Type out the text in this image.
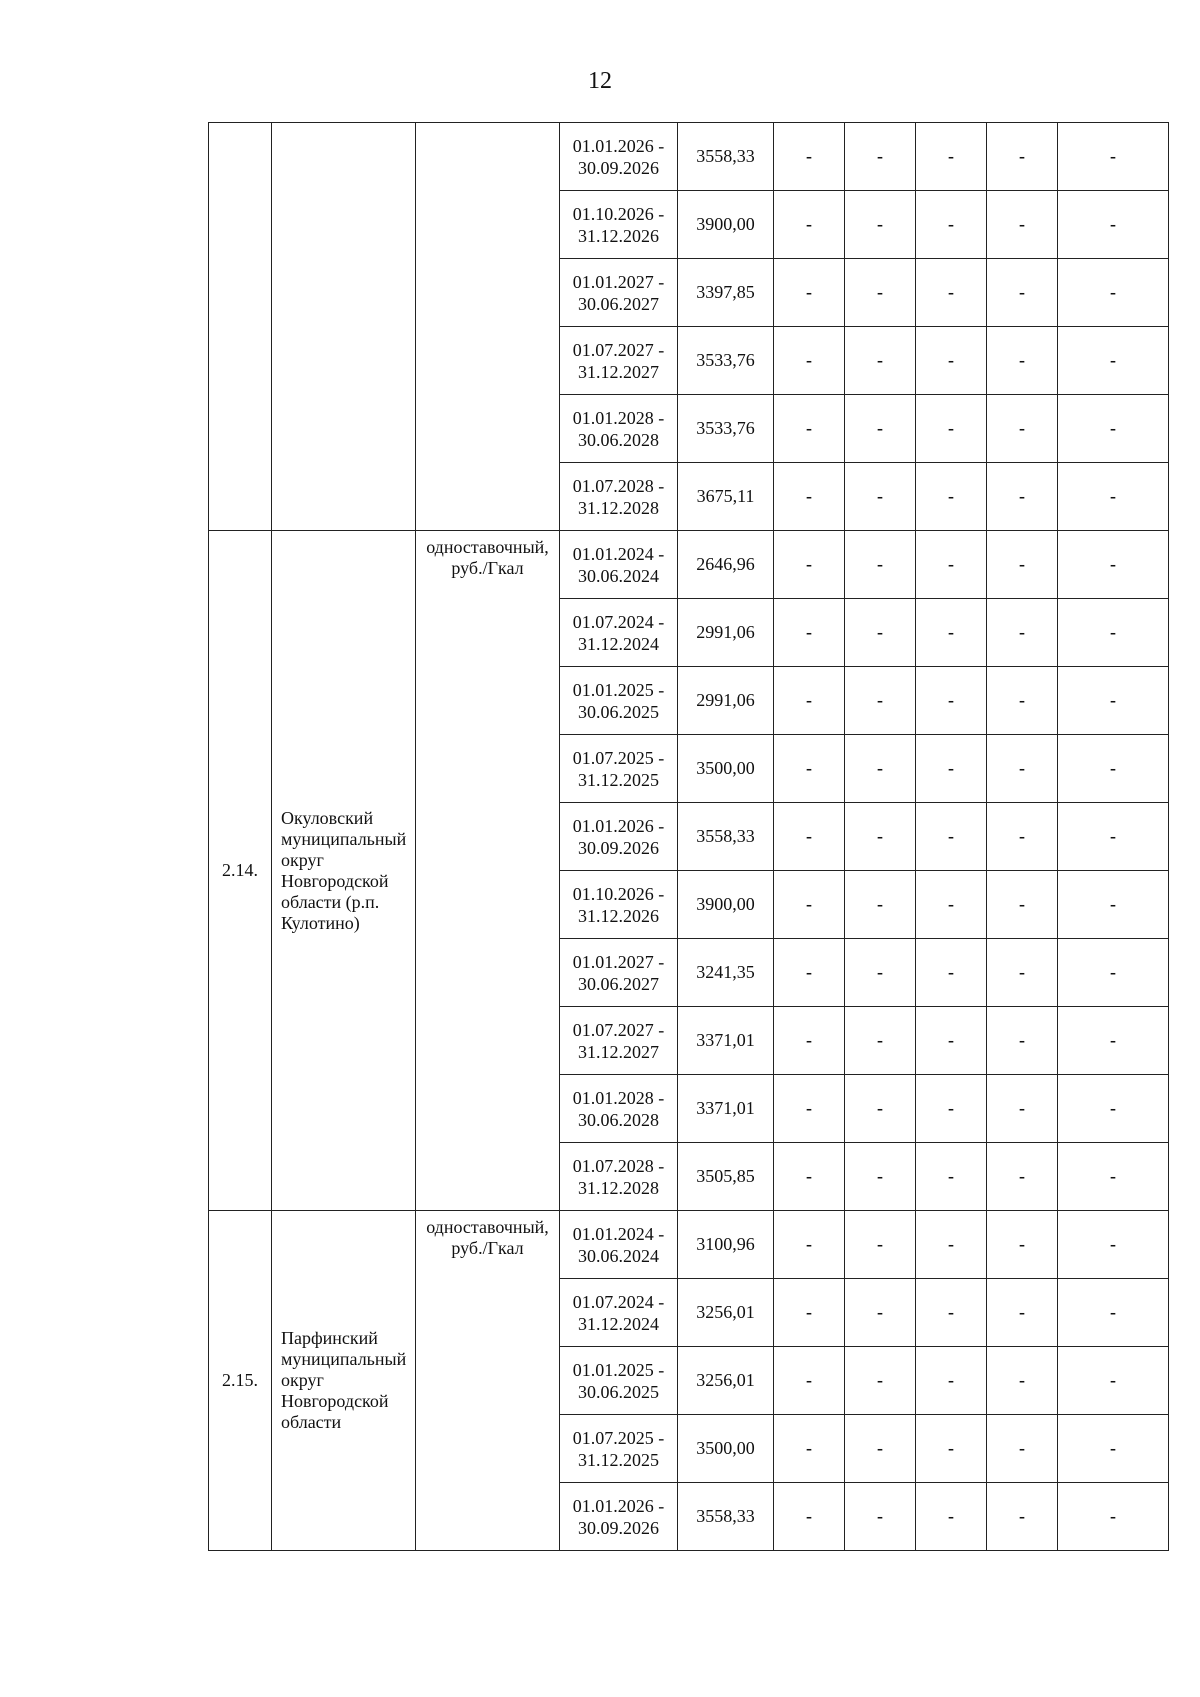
12
			01.01.2026 - 30.09.2026	3558,33	-	-	-	-	-
			01.10.2026 - 31.12.2026	3900,00	-	-	-	-	-
			01.01.2027 - 30.06.2027	3397,85	-	-	-	-	-
			01.07.2027 - 31.12.2027	3533,76	-	-	-	-	-
			01.01.2028 - 30.06.2028	3533,76	-	-	-	-	-
			01.07.2028 - 31.12.2028	3675,11	-	-	-	-	-
2.14.	Окуловский муниципальный округ Новгородской области (р.п. Кулотино)	одноставочный, руб./Гкал	01.01.2024 - 30.06.2024	2646,96	-	-	-	-	-
			01.07.2024 - 31.12.2024	2991,06	-	-	-	-	-
			01.01.2025 - 30.06.2025	2991,06	-	-	-	-	-
			01.07.2025 - 31.12.2025	3500,00	-	-	-	-	-
			01.01.2026 - 30.09.2026	3558,33	-	-	-	-	-
			01.10.2026 - 31.12.2026	3900,00	-	-	-	-	-
			01.01.2027 - 30.06.2027	3241,35	-	-	-	-	-
			01.07.2027 - 31.12.2027	3371,01	-	-	-	-	-
			01.01.2028 - 30.06.2028	3371,01	-	-	-	-	-
			01.07.2028 - 31.12.2028	3505,85	-	-	-	-	-
2.15.	Парфинский муниципальный округ Новгородской области	одноставочный, руб./Гкал	01.01.2024 - 30.06.2024	3100,96	-	-	-	-	-
			01.07.2024 - 31.12.2024	3256,01	-	-	-	-	-
			01.01.2025 - 30.06.2025	3256,01	-	-	-	-	-
			01.07.2025 - 31.12.2025	3500,00	-	-	-	-	-
			01.01.2026 - 30.09.2026	3558,33	-	-	-	-	-
